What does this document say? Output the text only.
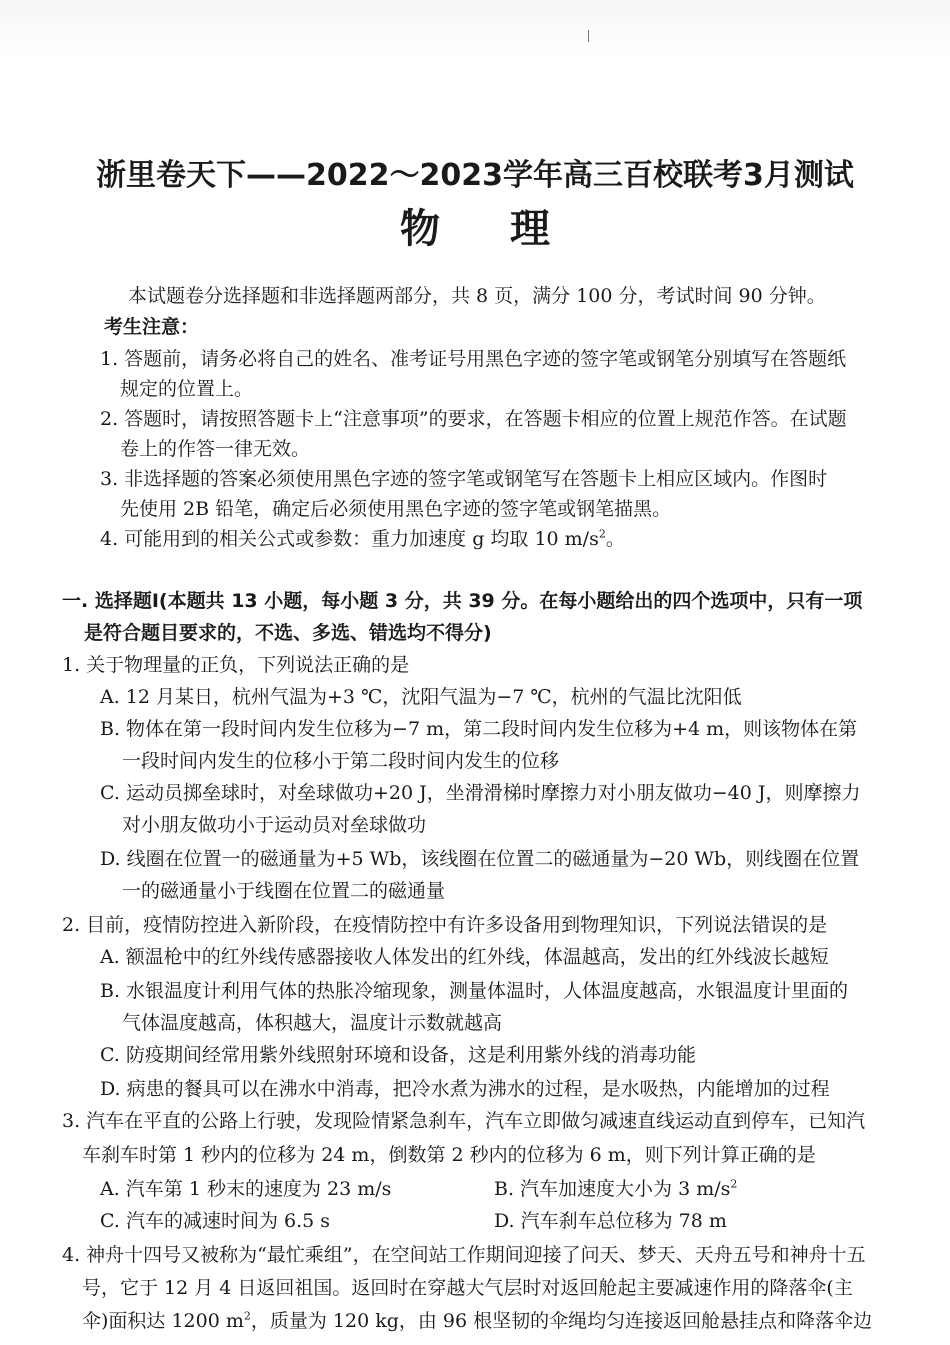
浙里卷天下——2022～2023学年高三百校联考3月测试
物理
本试题卷分选择题和非选择题两部分，共 8 页，满分 100 分，考试时间 90 分钟。
考生注意：
1. 答题前，请务必将自己的姓名、准考证号用黑色字迹的签字笔或钢笔分别填写在答题纸
规定的位置上。
2. 答题时，请按照答题卡上“注意事项”的要求，在答题卡相应的位置上规范作答。在试题
卷上的作答一律无效。
3. 非选择题的答案必须使用黑色字迹的签字笔或钢笔写在答题卡上相应区域内。作图时
先使用 2B 铅笔，确定后必须使用黑色字迹的签字笔或钢笔描黑。
4. 可能用到的相关公式或参数：重力加速度 g 均取 10 $m/s^2$。
一. 选择题Ⅰ(本题共 13 小题，每小题 3 分，共 39 分。在每小题给出的四个选项中，只有一项
是符合题目要求的，不选、多选、错选均不得分)
1. 关于物理量的正负，下列说法正确的是
A. 12 月某日，杭州气温为+3 ℃，沈阳气温为−7 ℃，杭州的气温比沈阳低
B. 物体在第一段时间内发生位移为−7 m，第二段时间内发生位移为+4 m，则该物体在第
一段时间内发生的位移小于第二段时间内发生的位移
C. 运动员掷垒球时，对垒球做功+20 J，坐滑滑梯时摩擦力对小朋友做功−40 J，则摩擦力
对小朋友做功小于运动员对垒球做功
D. 线圈在位置一的磁通量为+5 Wb，该线圈在位置二的磁通量为−20 Wb，则线圈在位置
一的磁通量小于线圈在位置二的磁通量
2. 目前，疫情防控进入新阶段，在疫情防控中有许多设备用到物理知识，下列说法错误的是
A. 额温枪中的红外线传感器接收人体发出的红外线，体温越高，发出的红外线波长越短
B. 水银温度计利用气体的热胀冷缩现象，测量体温时，人体温度越高，水银温度计里面的
气体温度越高，体积越大，温度计示数就越高
C. 防疫期间经常用紫外线照射环境和设备，这是利用紫外线的消毒功能
D. 病患的餐具可以在沸水中消毒，把冷水煮为沸水的过程，是水吸热，内能增加的过程
3. 汽车在平直的公路上行驶，发现险情紧急刹车，汽车立即做匀减速直线运动直到停车，已知汽
车刹车时第 1 秒内的位移为 24 m，倒数第 2 秒内的位移为 6 m，则下列计算正确的是
A. 汽车第 1 秒末的速度为 23 m/s	B. 汽车加速度大小为 3 $m/s^2$
C. 汽车的减速时间为 6.5 s	D. 汽车刹车总位移为 78 m
4. 神舟十四号又被称为“最忙乘组”，在空间站工作期间迎接了问天、梦天、天舟五号和神舟十五
号，它于 12 月 4 日返回祖国。返回时在穿越大气层时对返回舱起主要减速作用的降落伞(主
伞)面积达 1200 $m^2$，质量为 120 kg，由 96 根坚韧的伞绳均匀连接返回舱悬挂点和降落伞边
